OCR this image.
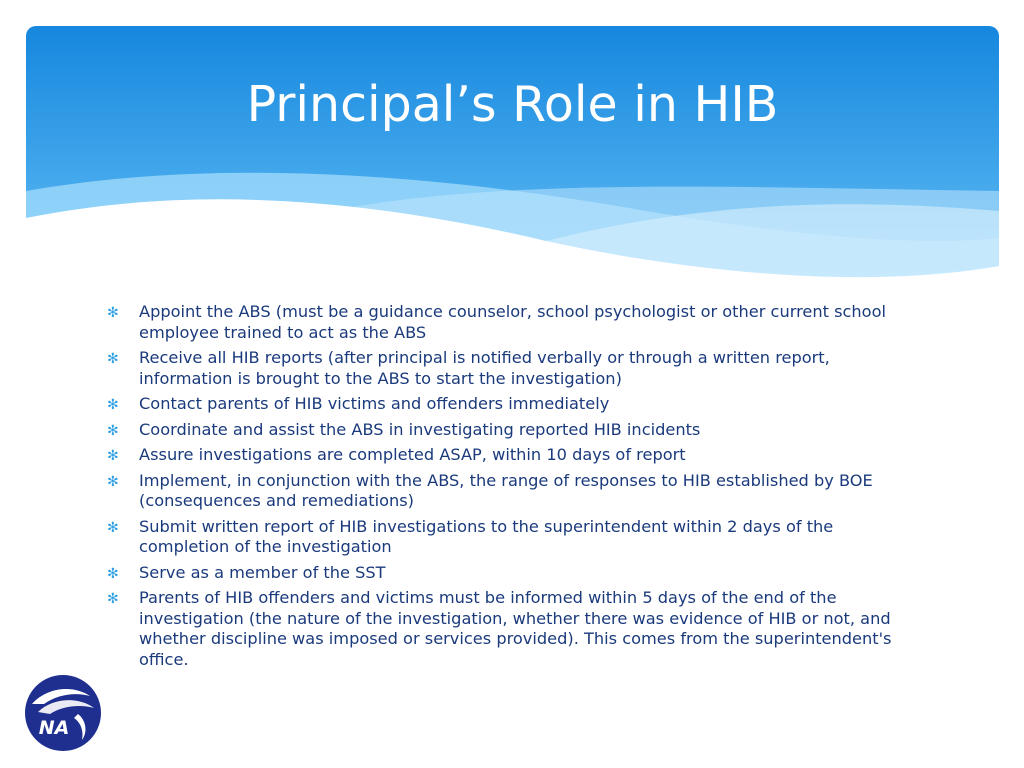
Principal’s Role in HIB
✻ Appoint the ABS (must be a guidance counselor, school psychologist or other current school employee trained to act as the ABS
✻ Receive all HIB reports (after principal is notified verbally or through a written report, information is brought to the ABS to start the investigation)
✻ Contact parents of HIB victims and offenders immediately
✻ Coordinate and assist the ABS in investigating reported HIB incidents
✻ Assure investigations are completed ASAP, within 10 days of report
✻ Implement, in conjunction with the ABS, the range of responses to HIB established by BOE (consequences and remediations)
✻ Submit written report of HIB investigations to the superintendent within 2 days of the completion of the investigation
✻ Serve as a member of the SST
✻ Parents of HIB offenders and victims must be informed within 5 days of the end of the investigation (the nature of the investigation, whether there was evidence of HIB or not, and whether discipline was imposed or services provided). This comes from the superintendent's office.
NA
